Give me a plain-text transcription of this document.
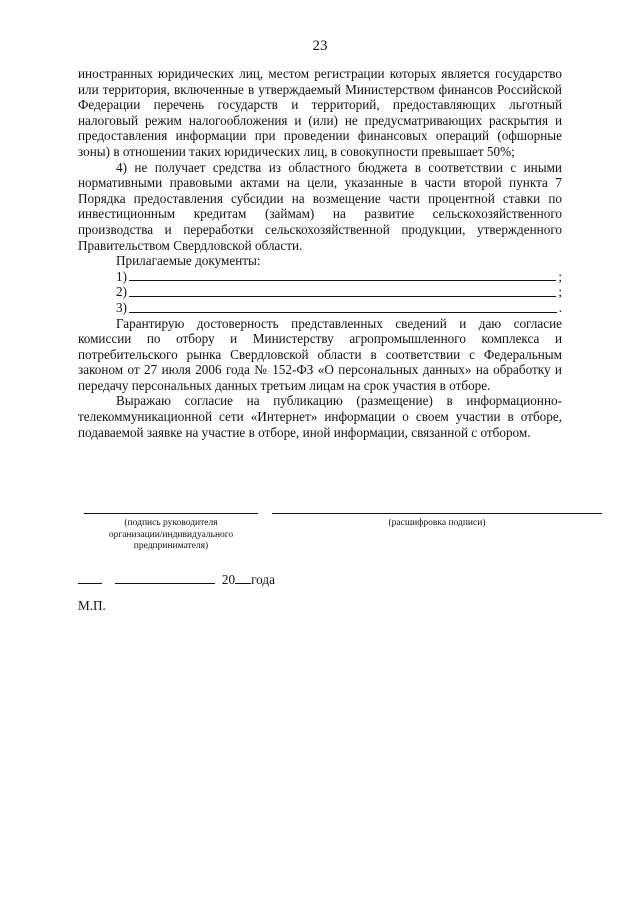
23

иностранных юридических лиц, местом регистрации которых является государство или территория, включенные в утверждаемый Министерством финансов Российской Федерации перечень государств и территорий, предоставляющих льготный налоговый режим налогообложения и (или) не предусматривающих раскрытия и предоставления информации при проведении финансовых операций (офшорные зоны) в отношении таких юридических лиц, в совокупности превышает 50%;

4) не получает средства из областного бюджета в соответствии с иными нормативными правовыми актами на цели, указанные в части второй пункта 7 Порядка предоставления субсидии на возмещение части процентной ставки по инвестиционным кредитам (займам) на развитие сельскохозяйственного производства и переработки сельскохозяйственной продукции, утвержденного Правительством Свердловской области.

Прилагаемые документы:

1)	;
2)	;
3)	.

Гарантирую достоверность представленных сведений и даю согласие комиссии по отбору и Министерству агропромышленного комплекса и потребительского рынка Свердловской области в соответствии с Федеральным законом от 27 июля 2006 года № 152-ФЗ «О персональных данных» на обработку и передачу персональных данных третьим лицам на срок участия в отборе.

Выражаю согласие на публикацию (размещение) в информационно-телекоммуникационной сети «Интернет» информации о своем участии в отборе, подаваемой заявке на участие в отборе, иной информации, связанной с отбором.

(подпись руководителя
организации/индивидуального
предпринимателя)
(расшифровка подписи)
20 года
М.П.
